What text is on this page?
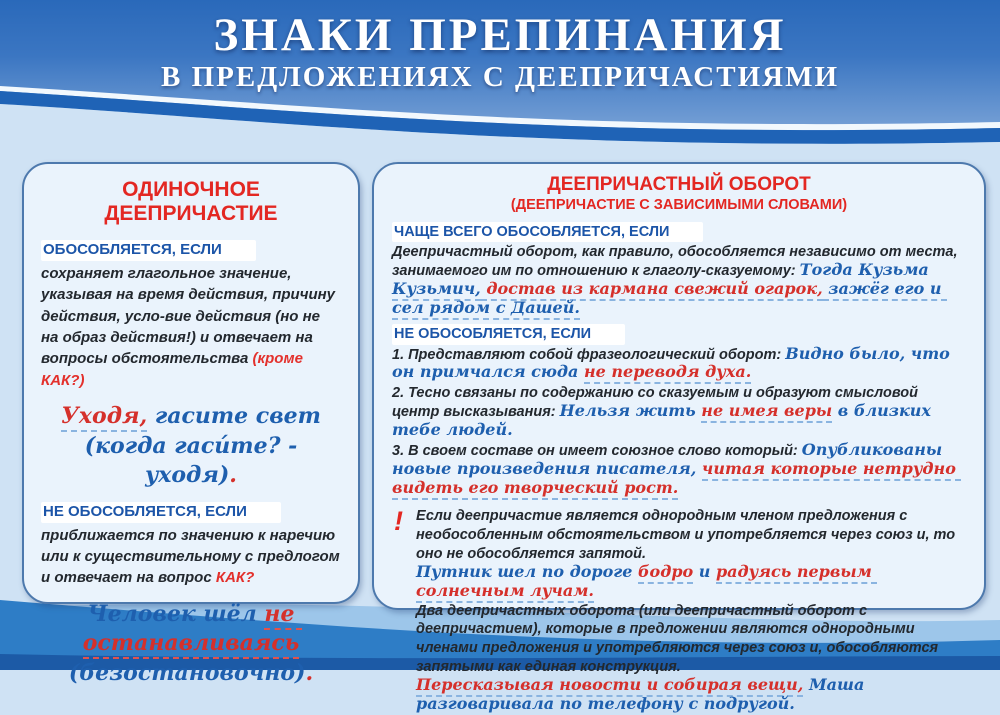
ЗНАКИ ПРЕПИНАНИЯ
В ПРЕДЛОЖЕНИЯХ С ДЕЕПРИЧАСТИЯМИ
ОДИНОЧНОЕ ДЕЕПРИЧАСТИЕ
ОБОСОБЛЯЕТСЯ, ЕСЛИ

сохраняет глагольное значение, указывая на время действия, причину действия, усло-вие действия (но не на образ действия!) и отвечает на вопросы обстоятельства (кроме КАК?)

Уходя, гасите свет
(когда гаси́те? - уходя).

НЕ ОБОСОБЛЯЕТСЯ, ЕСЛИ

приближается по значению к наречию или к существительному с предлогом и отвечает на вопрос КАК?

Человек шёл не останавливаясь
(безостановочно).

ДЕЕПРИЧАСТНЫЙ ОБОРОТ
(ДЕЕПРИЧАСТИЕ С ЗАВИСИМЫМИ СЛОВАМИ)
ЧАЩЕ ВСЕГО ОБОСОБЛЯЕТСЯ, ЕСЛИ

Деепричастный оборот, как правило, обособляется независимо от места, занимаемого им по отношению к глаголу-сказуемому: Тогда Кузьма Кузьмич, достав из кармана свежий огарок, зажёг его и сел рядом с Дашей.

НЕ ОБОСОБЛЯЕТСЯ, ЕСЛИ

1. Представляют собой фразеологический оборот: Видно было, что он примчался сюда не переводя духа.

2. Тесно связаны по содержанию со сказуемым и образуют смысловой центр высказывания: Нельзя жить не имея веры в близких тебе людей.

3. В своем составе он имеет союзное слово который: Опубликованы новые произведения писателя, читая которые нетрудно видеть его творческий рост.

! Если деепричастие является однородным членом предложения с необособленным обстоятельством и употребляется через союз и, то оно не обособляется запятой.

Путник шел по дороге бодро и радуясь первым солнечным лучам.

Два деепричастных оборота (или деепричастный оборот с деепричастием), которые в предложении являются однородными членами предложения и употребляются через союз и, обособляются запятыми как единая конструкция.

Пересказывая новости и собирая вещи, Маша разговаривала по телефону с подругой.
